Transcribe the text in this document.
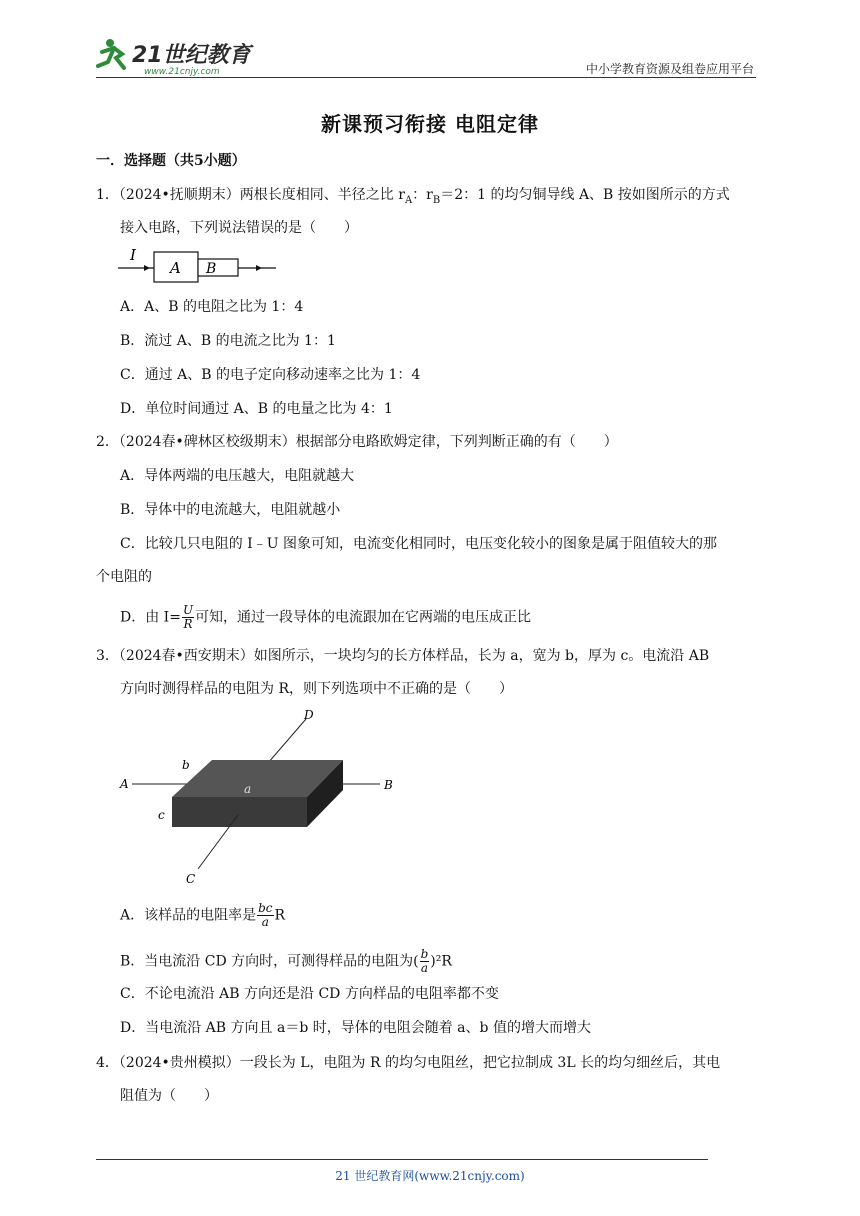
21世纪教育
www.21cnjy.com	中小学教育资源及组卷应用平台
新课预习衔接 电阻定律
一．选择题（共5小题）
1．（2024•抚顺期末）两根长度相同、半径之比 $r_A$：$r_B=2$：1 的均匀铜导线 A、B 按如图所示的方式
接入电路，下列说法错误的是（　　）
I
A B
A．A、B 的电阻之比为 1：4
B．流过 A、B 的电流之比为 1：1
C．通过 A、B 的电子定向移动速率之比为 1：4
D．单位时间通过 A、B 的电量之比为 4：1
2．（2024春•碑林区校级期末）根据部分电路欧姆定律，下列判断正确的有（　　）
A．导体两端的电压越大，电阻就越大
B．导体中的电流越大，电阻就越小
C．比较几只电阻的 I﹣U 图象可知，电流变化相同时，电压变化较小的图象是属于阻值较大的那
个电阻的
D．由 $I= \frac{U}{R}$ 可知，通过一段导体的电流跟加在它两端的电压成正比
3．（2024春•西安期末）如图所示，一块均匀的长方体样品，长为 a，宽为 b，厚为 c。电流沿 AB
方向时测得样品的电阻为 R，则下列选项中不正确的是（　　）
D
A	B
a
b
c
C
A．该样品的电阻率是 $\frac{bc}{a}$ R
B．当电流沿 CD 方向时，可测得样品的电阻为( $\frac{b}{a} )^2R$
C．不论电流沿 AB 方向还是沿 CD 方向样品的电阻率都不变
D．当电流沿 AB 方向且 a＝b 时，导体的电阻会随着 a、b 值的增大而增大
4．（2024•贵州模拟）一段长为 L，电阻为 R 的均匀电阻丝，把它拉制成 3L 长的均匀细丝后，其电
阻值为（　　）
21 世纪教育网(www.21cnjy.com)
